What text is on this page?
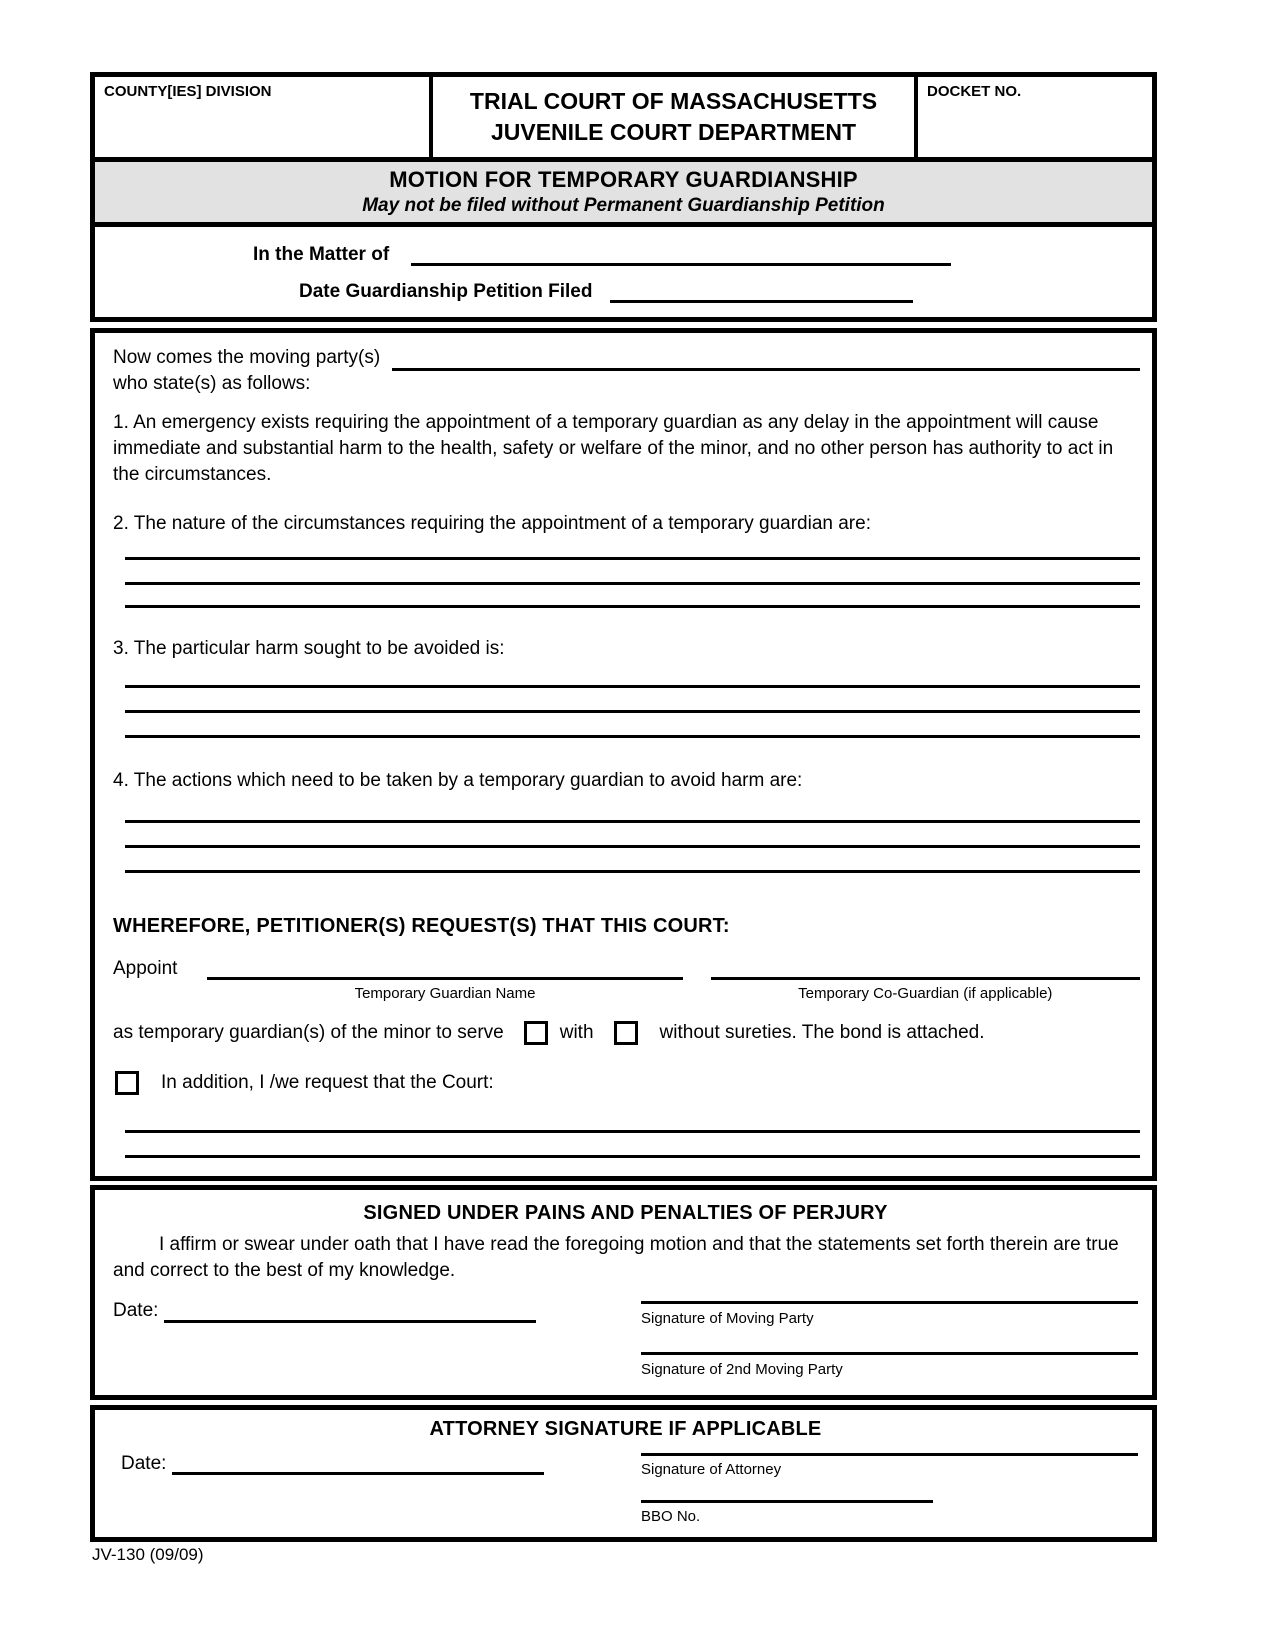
COUNTY[IES] DIVISION	TRIAL COURT OF MASSACHUSETTS
JUVENILE COURT DEPARTMENT
DOCKET NO.
MOTION FOR TEMPORARY GUARDIANSHIP
May not be filed without Permanent Guardianship Petition
In the Matter of
Date Guardianship Petition Filed
Now comes the moving party(s)
who state(s) as follows:

1. An emergency exists requiring the appointment of a temporary guardian as any delay in the appointment will cause immediate and substantial harm to the health, safety or welfare of the minor, and no other person has authority to act in the circumstances.

2. The nature of the circumstances requiring the appointment of a temporary guardian are:

3. The particular harm sought to be avoided is:

4. The actions which need to be taken by a temporary guardian to avoid harm are:

WHEREFORE, PETITIONER(S) REQUEST(S) THAT THIS COURT:
Appoint
Temporary Guardian Name	Temporary Co-Guardian (if applicable)
as temporary guardian(s) of the minor to serve	with	without sureties. The bond is attached.
In addition, I /we request that the Court:
SIGNED UNDER PAINS AND PENALTIES OF PERJURY

I affirm or swear under oath that I have read the foregoing motion and that the statements set forth therein are true and correct to the best of my knowledge.

Date:	Signature of Moving Party
Signature of 2nd Moving Party
ATTORNEY SIGNATURE IF APPLICABLE
Date:	Signature of Attorney
BBO No.
JV-130 (09/09)
